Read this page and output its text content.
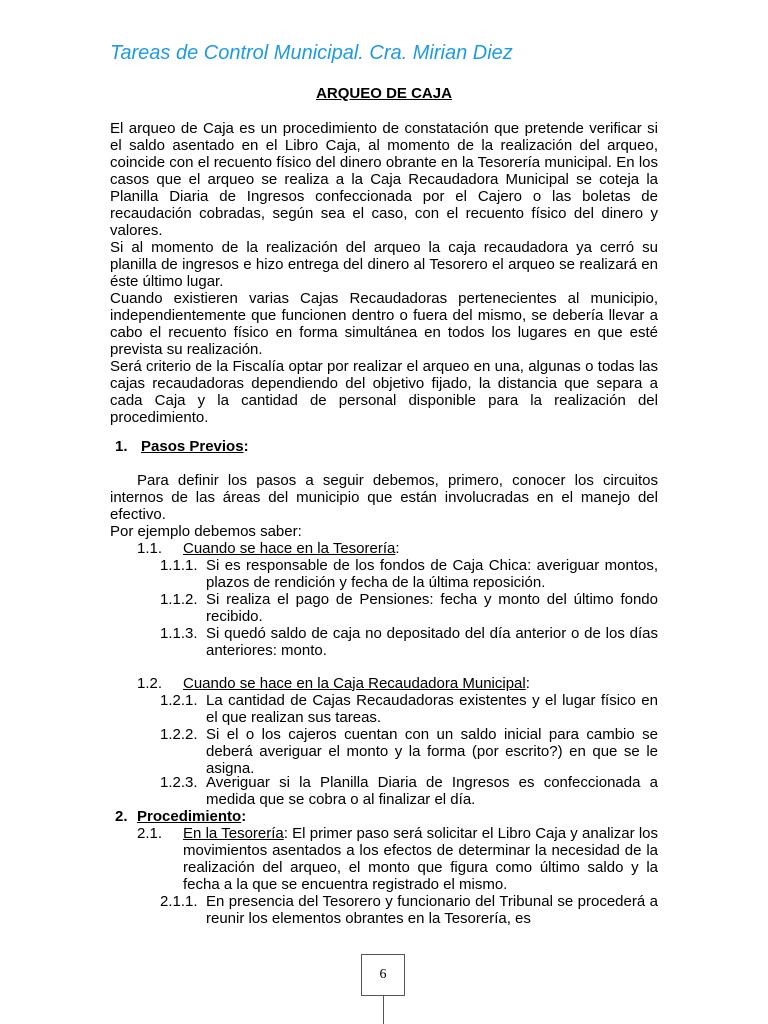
Tareas de Control Municipal. Cra. Mirian Diez
ARQUEO DE CAJA

El arqueo de Caja es un procedimiento de constatación que pretende verificar si el saldo asentado en el Libro Caja, al momento de la realización del arqueo, coincide con el recuento físico del dinero obrante en la Tesorería municipal. En los casos que el arqueo se realiza a la Caja Recaudadora Municipal se coteja la Planilla Diaria de Ingresos confeccionada por el Cajero o las boletas de recaudación cobradas, según sea el caso, con el recuento físico del dinero y valores.

Si al momento de la realización del arqueo la caja recaudadora ya cerró su planilla de ingresos e hizo entrega del dinero al Tesorero el arqueo se realizará en éste último lugar.

Cuando existieren varias Cajas Recaudadoras pertenecientes al municipio, independientemente que funcionen dentro o fuera del mismo, se debería llevar a cabo el recuento físico en forma simultánea en todos los lugares en que esté prevista su realización.

Será criterio de la Fiscalía optar por realizar el arqueo en una, algunas o todas las cajas recaudadoras dependiendo del objetivo fijado, la distancia que separa a cada Caja y la cantidad de personal disponible para la realización del procedimiento.

1. Pasos Previos:
Para definir los pasos a seguir debemos, primero, conocer los circuitos internos de las áreas del municipio que están involucradas en el manejo del efectivo.
Por ejemplo debemos saber:
1.1. Cuando se hace en la Tesorería:
1.1.1. Si es responsable de los fondos de Caja Chica: averiguar montos, plazos de rendición y fecha de la última reposición.
1.1.2. Si realiza el pago de Pensiones: fecha y monto del último fondo recibido.
1.1.3. Si quedó saldo de caja no depositado del día anterior o de los días anteriores: monto.
1.2. Cuando se hace en la Caja Recaudadora Municipal:
1.2.1. La cantidad de Cajas Recaudadoras existentes y el lugar físico en el que realizan sus tareas.
1.2.2. Si el o los cajeros cuentan con un saldo inicial para cambio se deberá averiguar el monto y la forma (por escrito?) en que se le asigna.
1.2.3. Averiguar si la Planilla Diaria de Ingresos es confeccionada a medida que se cobra o al finalizar el día.
2. Procedimiento:
2.1. En la Tesorería: El primer paso será solicitar el Libro Caja y analizar los movimientos asentados a los efectos de determinar la necesidad de la realización del arqueo, el monto que figura como último saldo y la fecha a la que se encuentra registrado el mismo.
2.1.1. En presencia del Tesorero y funcionario del Tribunal se procederá a reunir los elementos obrantes en la Tesorería, es
6
